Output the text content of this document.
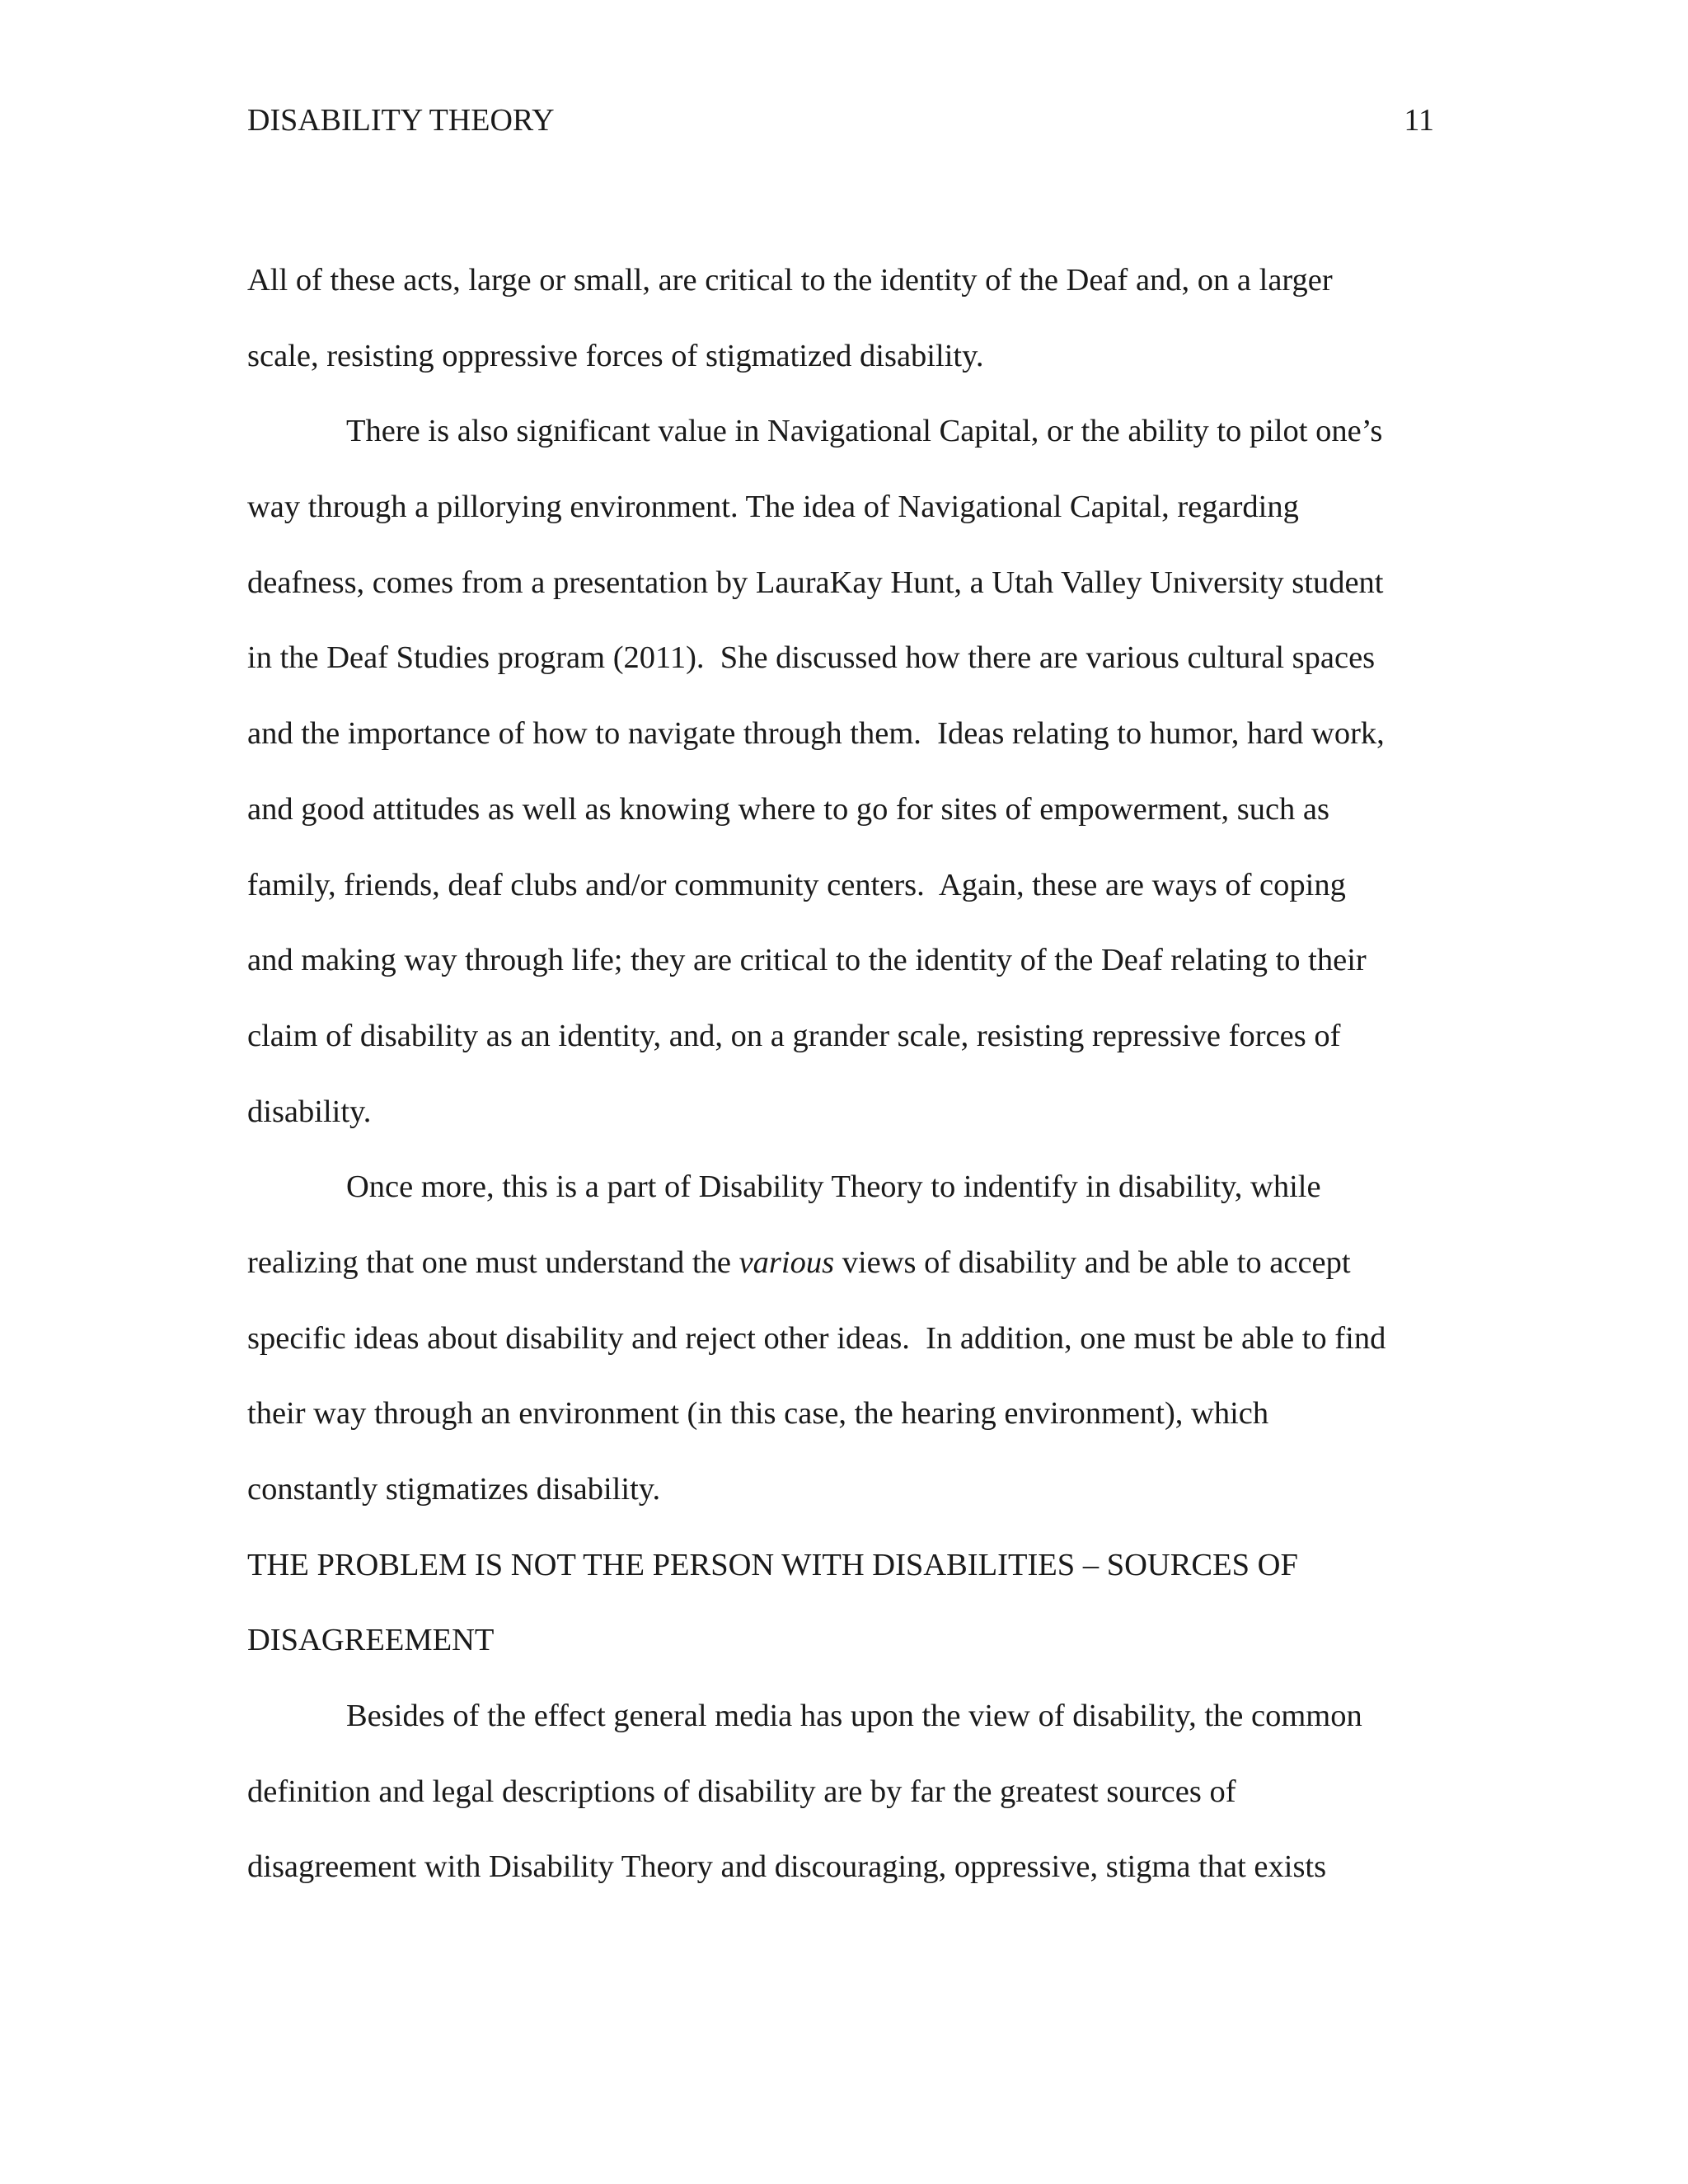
DISABILITY THEORY	11
All of these acts, large or small, are critical to the identity of the Deaf and, on a larger
scale, resisting oppressive forces of stigmatized disability.
There is also significant value in Navigational Capital, or the ability to pilot one’s
way through a pillorying environment. The idea of Navigational Capital, regarding
deafness, comes from a presentation by LauraKay Hunt, a Utah Valley University student
in the Deaf Studies program (2011).  She discussed how there are various cultural spaces
and the importance of how to navigate through them.  Ideas relating to humor, hard work,
and good attitudes as well as knowing where to go for sites of empowerment, such as
family, friends, deaf clubs and/or community centers.  Again, these are ways of coping
and making way through life; they are critical to the identity of the Deaf relating to their
claim of disability as an identity, and, on a grander scale, resisting repressive forces of
disability.
Once more, this is a part of Disability Theory to indentify in disability, while
realizing that one must understand the various views of disability and be able to accept
specific ideas about disability and reject other ideas.  In addition, one must be able to find
their way through an environment (in this case, the hearing environment), which
constantly stigmatizes disability.
THE PROBLEM IS NOT THE PERSON WITH DISABILITIES – SOURCES OF
DISAGREEMENT
Besides of the effect general media has upon the view of disability, the common
definition and legal descriptions of disability are by far the greatest sources of
disagreement with Disability Theory and discouraging, oppressive, stigma that exists
